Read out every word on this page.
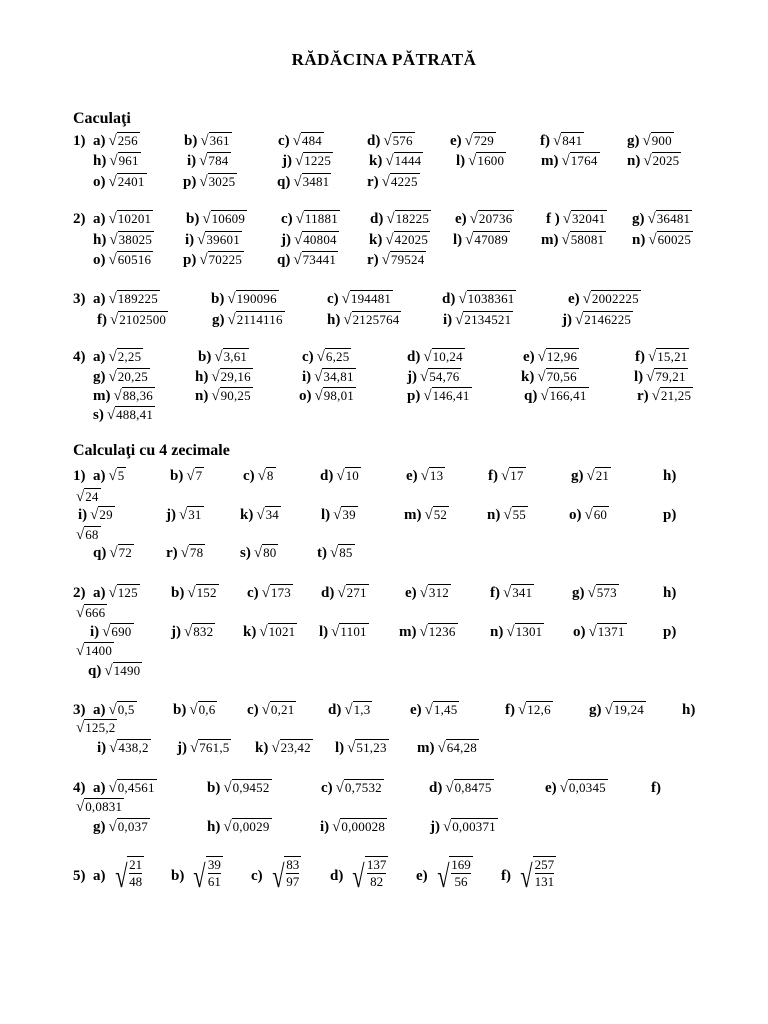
RĂDĂCINA PĂTRATĂ
Caculaţi
Calculaţi cu 4 zecimale
1) a) √256	b) √361	c) √484	d) √576 e) √729	f) √841	g) √900
h) √961	i) √784	j) √1225	k) √1444 l) √1600 m) √1764 n) √2025
o) √2401	p) √3025	q) √3481	r) √4225
2) a) √10201 b) √10609 c) √11881 d) √18225 e) √20736 f ) √32041 g) √36481
h) √38025 i) √39601	j) √40804 k) √42025 l) √47089 m) √58081 n) √60025
o) √60516 p) √70225 q) √73441 r) √79524
3) a) √189225	b) √190096	c) √194481	d) √1038361	e) √2002225
f) √2102500	g) √2114116	h) √2125764	i) √2134521	j) √2146225
4) a) √2,25	b) √3,61	c) √6,25	d) √10,24	e) √12,96	f) √15,21
g) √20,25	h) √29,16	i) √34,81	j) √54,76	k) √70,56	l) √79,21
m) √88,36	n) √90,25	o) √98,01	p) √146,41	q) √166,41	r) √21,25
s) √488,41
1) a) √5	b) √7	c) √8	d) √10	e) √13	f) √17	g) √21	h)
√24
i) √29	j) √31	k) √34	l) √39	m) √52	n) √55	o) √60	p)
√68
q) √72 r) √78 s) √80	t) √85
2) a) √125 b) √152 c) √173 d) √271	e) √312	f) √341	g) √573	h)
√666
i) √690	j) √832 k) √1021 l) √1101 m) √1236 n) √1301 o) √1371	p)
√1400
q) √1490
3) a) √0,5	b) √0,6 c) √0,21 d) √1,3	e) √1,45	f) √12,6	g) √19,24	h)
√125,2
i) √438,2 j) √761,5 k) √23,42 l) √51,23 m) √64,28
4) a) √0,4561	b) √0,9452	c) √0,7532	d) √0,8475	e) √0,0345	f)
√0,0831
g) √0,037	h) √0,0029	i) √0,00028	j) √0,00371
5) a) √ $\frac{21}{48} b$) √ $\frac{39}{61} c$) √ $\frac{83}{97} d$) √ $\frac{137}{82} e$) √ $\frac{169}{56} f$) √ $\frac{257}{131}$
